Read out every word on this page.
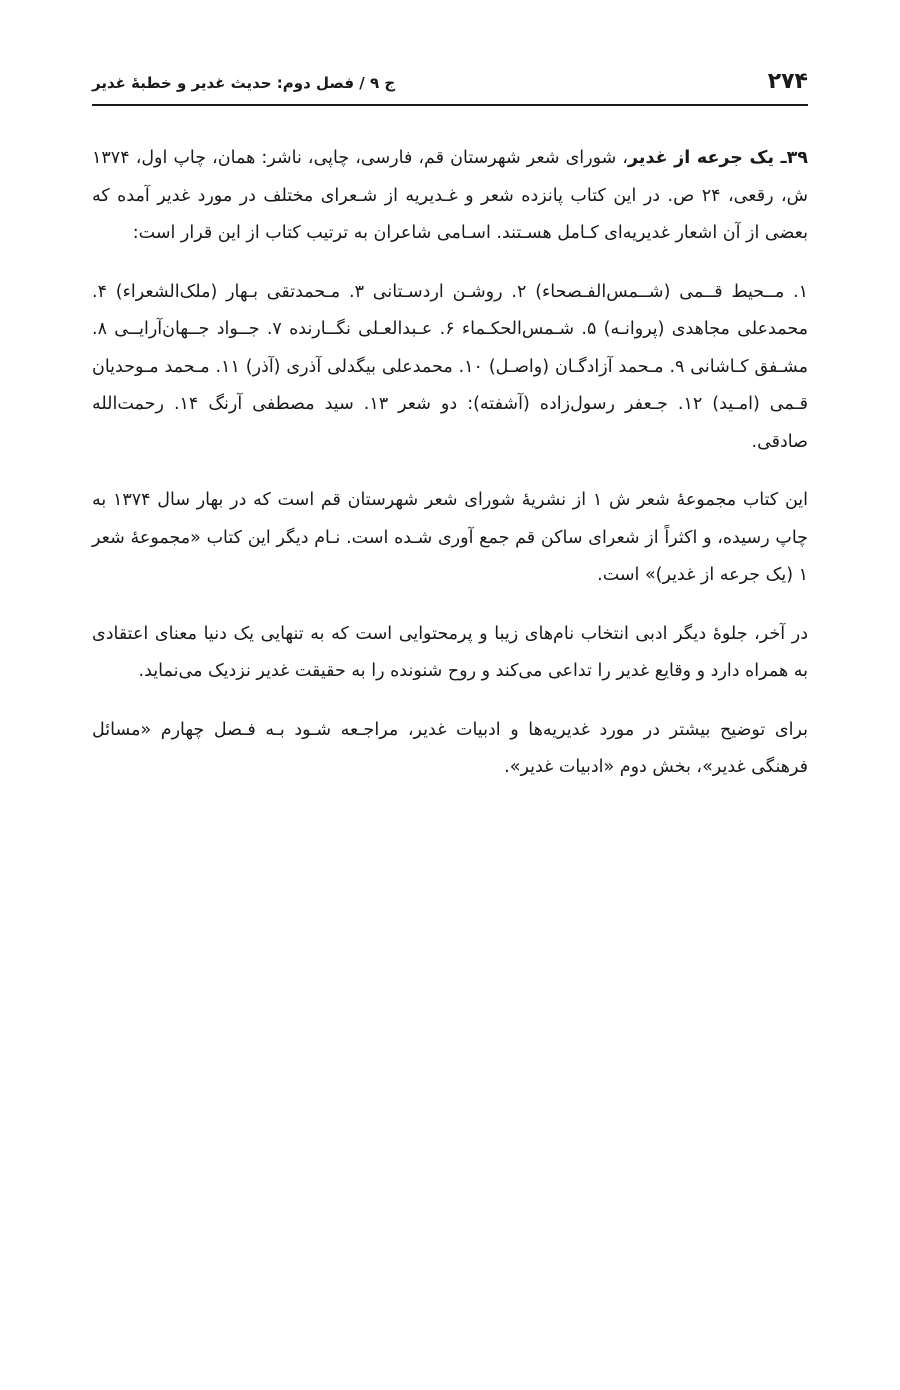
۲۷۴
ج ۹ / فصل دوم: حدیث غدیر و خطبهٔ غدیر

۳۹ـ یک جرعه از غدیر، شورای شعر شهرستان قم، فارسی، چاپی، ناشر: همان، چاپ اول، ۱۳۷۴ ش، رقعی، ۲۴ ص. در این کتاب پانزده شعر و غـدیریه از شـعرای مختلف در مورد غدیر آمده که بعضی از آن اشعار غدیریه‌ای کـامل هسـتند. اسـامی شاعران به ترتیب کتاب از این قرار است:

۱. مــحیط قــمی (شــمس‌الفـصحاء) ۲. روشـن اردسـتانی ۳. مـحمدتقی بـهار (ملک‌الشعراء) ۴. محمدعلی مجاهدی (پروانـه) ۵. شـمس‌الحکـماء ۶. عـبدالعـلی نگــارنده ۷. جــواد جــهان‌آرایــی ۸. مشـفق کـاشانی ۹. مـحمد آزادگـان (واصـل) ۱۰. محمدعلی بیگدلی آذری (آذر) ۱۱. مـحمد مـوحدیان قـمی (امـید) ۱۲. جـعفر رسول‌زاده (آشفته): دو شعر ۱۳. سید مصطفی آرنگ ۱۴. رحمت‌الله صادقی.

این کتاب مجموعهٔ شعر ش ۱ از نشریهٔ شورای شعر شهرستان قم است که در بهار سال ۱۳۷۴ به چاپ رسیده، و اکثراً از شعرای ساکن قم جمع آوری شـده است. نـام دیگر این کتاب «مجموعهٔ شعر ۱ (یک جرعه از غدیر)» است.

در آخر، جلوهٔ دیگر ادبی انتخاب نام‌های زیبا و پرمحتوایی است که به تنهایی یک دنیا معنای اعتقادی به همراه دارد و وقایع غدیر را تداعی می‌کند و روح شنونده را به حقیقت غدیر نزدیک می‌نماید.

برای توضیح بیشتر در مورد غدیریه‌ها و ادبیات غدیر، مراجـعه شـود بـه فـصل چهارم «مسائل فرهنگی غدیر»، بخش دوم «ادبیات غدیر».
